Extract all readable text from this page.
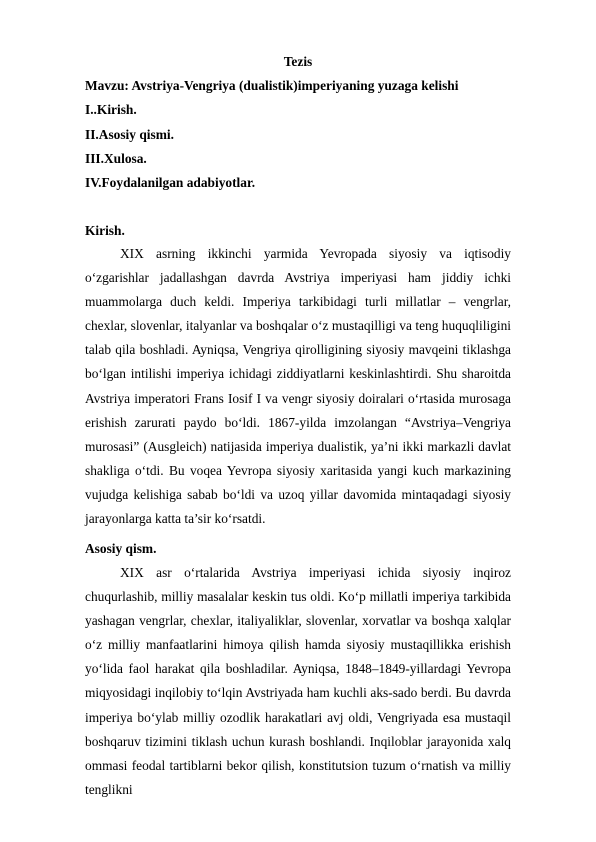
Tezis
Mavzu: Avstriya-Vengriya (dualistik)imperiyaning yuzaga kelishi
I..Kirish.
II.Asosiy qismi.
III.Xulosa.
IV.Foydalanilgan adabiyotlar.
Kirish.

XIX asrning ikkinchi yarmida Yevropada siyosiy va iqtisodiy o‘zgarishlar jadallashgan davrda Avstriya imperiyasi ham jiddiy ichki muammolarga duch keldi. Imperiya tarkibidagi turli millatlar – vengrlar, chexlar, slovenlar, italyanlar va boshqalar o‘z mustaqilligi va teng huquqliligini talab qila boshladi. Ayniqsa, Vengriya qirolligining siyosiy mavqeini tiklashga bo‘lgan intilishi imperiya ichidagi ziddiyatlarni keskinlashtirdi. Shu sharoitda Avstriya imperatori Frans Iosif I va vengr siyosiy doiralari o‘rtasida murosaga erishish zarurati paydo bo‘ldi. 1867-yilda imzolangan “Avstriya–Vengriya murosasi” (Ausgleich) natijasida imperiya dualistik, ya’ni ikki markazli davlat shakliga o‘tdi. Bu voqea Yevropa siyosiy xaritasida yangi kuch markazining vujudga kelishiga sabab bo‘ldi va uzoq yillar davomida mintaqadagi siyosiy jarayonlarga katta ta’sir ko‘rsatdi.

Asosiy qism.

XIX asr o‘rtalarida Avstriya imperiyasi ichida siyosiy inqiroz chuqurlashib, milliy masalalar keskin tus oldi. Ko‘p millatli imperiya tarkibida yashagan vengrlar, chexlar, italiyaliklar, slovenlar, xorvatlar va boshqa xalqlar o‘z milliy manfaatlarini himoya qilish hamda siyosiy mustaqillikka erishish yo‘lida faol harakat qila boshladilar. Ayniqsa, 1848–1849-yillardagi Yevropa miqyosidagi inqilobiy to‘lqin Avstriyada ham kuchli aks-sado berdi. Bu davrda imperiya bo‘ylab milliy ozodlik harakatlari avj oldi, Vengriyada esa mustaqil boshqaruv tizimini tiklash uchun kurash boshlandi. Inqiloblar jarayonida xalq ommasi feodal tartiblarni bekor qilish, konstitutsion tuzum o‘rnatish va milliy tenglikni
